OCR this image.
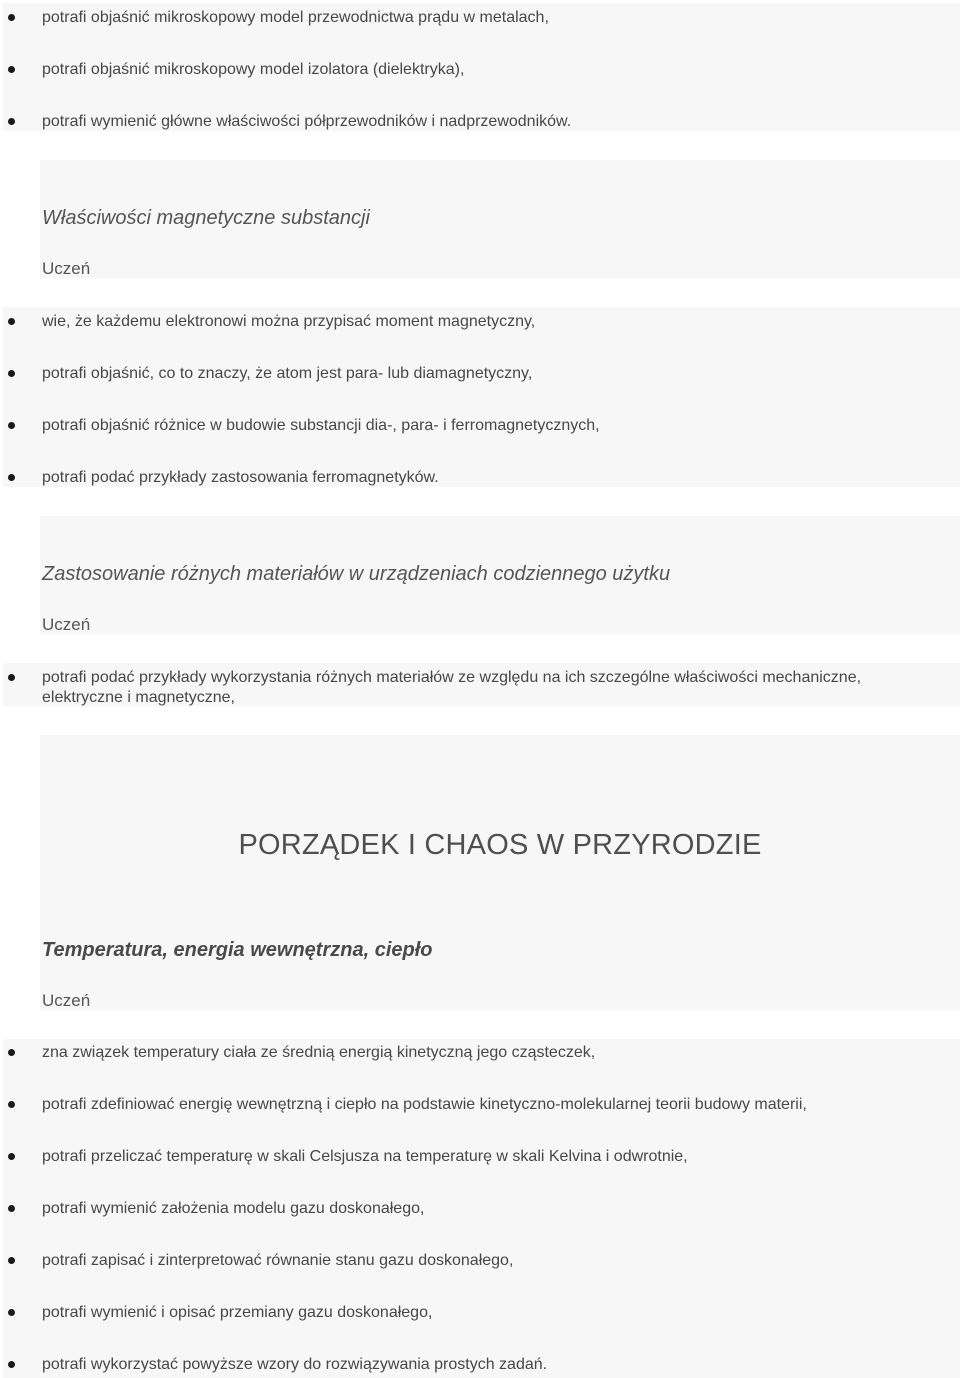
potrafi objaśnić mikroskopowy model przewodnictwa prądu w metalach,
potrafi objaśnić mikroskopowy model izolatora (dielektryka),
potrafi wymienić główne właściwości półprzewodników i nadprzewodników.
Właściwości magnetyczne substancji
Uczeń
wie, że każdemu elektronowi można przypisać moment magnetyczny,
potrafi objaśnić, co to znaczy, że atom jest para- lub diamagnetyczny,
potrafi objaśnić różnice w budowie substancji dia-, para- i ferromagnetycznych,
potrafi podać przykłady zastosowania ferromagnetyków.
Zastosowanie różnych materiałów w urządzeniach codziennego użytku
Uczeń
potrafi podać przykłady wykorzystania różnych materiałów ze względu na ich szczególne właściwości mechaniczne, elektryczne i magnetyczne,
PORZĄDEK I CHAOS W PRZYRODZIE
Temperatura, energia wewnętrzna, ciepło
Uczeń
zna związek temperatury ciała ze średnią energią kinetyczną jego cząsteczek,
potrafi zdefiniować energię wewnętrzną i ciepło na podstawie kinetyczno-molekularnej teorii budowy materii,
potrafi przeliczać temperaturę w skali Celsjusza na temperaturę w skali Kelvina i odwrotnie,
potrafi wymienić założenia modelu gazu doskonałego,
potrafi zapisać i zinterpretować równanie stanu gazu doskonałego,
potrafi wymienić i opisać przemiany gazu doskonałego,
potrafi wykorzystać powyższe wzory do rozwiązywania prostych zadań.
